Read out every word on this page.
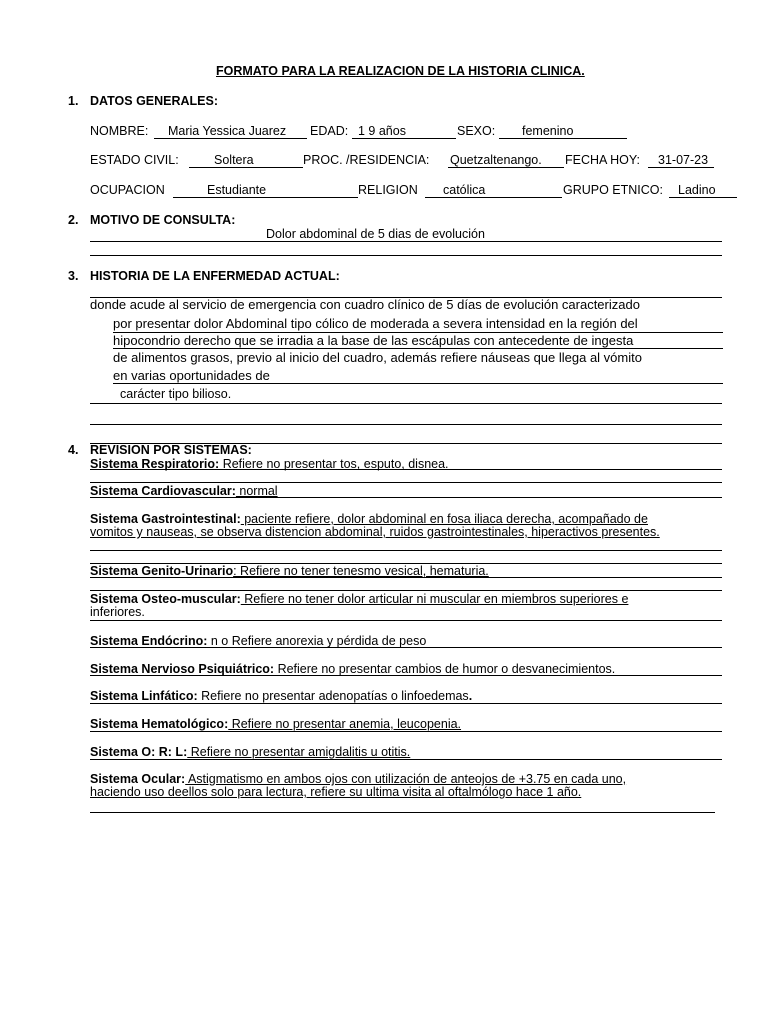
FORMATO PARA LA REALIZACION DE LA HISTORIA CLINICA.
1. DATOS GENERALES:
NOMBRE: Maria Yessica Juarez EDAD: 1 9 años	SEXO: femenino
ESTADO CIVIL:	Soltera	PROC. /RESIDENCIA: Quetzaltenango. FECHA HOY: 31-07-23
OCUPACION	Estudiante	RELIGION católica	GRUPO ETNICO: Ladino
2. MOTIVO DE CONSULTA:
Dolor abdominal de 5 dias de evolución
3. HISTORIA DE LA ENFERMEDAD ACTUAL:
donde acude al servicio de emergencia con cuadro clínico de 5 días de evolución caracterizado
por presentar dolor Abdominal tipo cólico de moderada a severa intensidad en la región del
hipocondrio derecho que se irradia a la base de las escápulas con antecedente de ingesta
de alimentos grasos, previo al inicio del cuadro, además refiere náuseas que llega al vómito
en varias oportunidades de
carácter tipo bilioso.
4. REVISION POR SISTEMAS:
Sistema Respiratorio: Refiere no presentar tos, esputo, disnea.
Sistema Cardiovascular: normal
Sistema Gastrointestinal: paciente refiere, dolor abdominal en fosa iliaca derecha, acompañado de
vomitos y nauseas, se observa distencion abdominal, ruidos gastrointestinales, hiperactivos presentes.
Sistema Genito-Urinario: Refiere no tener tenesmo vesical, hematuria.
Sistema Osteo-muscular: Refiere no tener dolor articular ni muscular en miembros superiores e
inferiores.
Sistema Endócrino: n o Refiere anorexia y pérdida de peso
Sistema Nervioso Psiquiátrico: Refiere no presentar cambios de humor o desvanecimientos.
Sistema Linfático: Refiere no presentar adenopatías o linfoedemas.
Sistema Hematológico: Refiere no presentar anemia, leucopenia.
Sistema O: R: L: Refiere no presentar amigdalitis u otitis.
Sistema Ocular: Astigmatismo en ambos ojos con utilización de anteojos de +3.75 en cada uno,
haciendo uso deellos solo para lectura, refiere su ultima visita al oftalmólogo hace 1 año.
